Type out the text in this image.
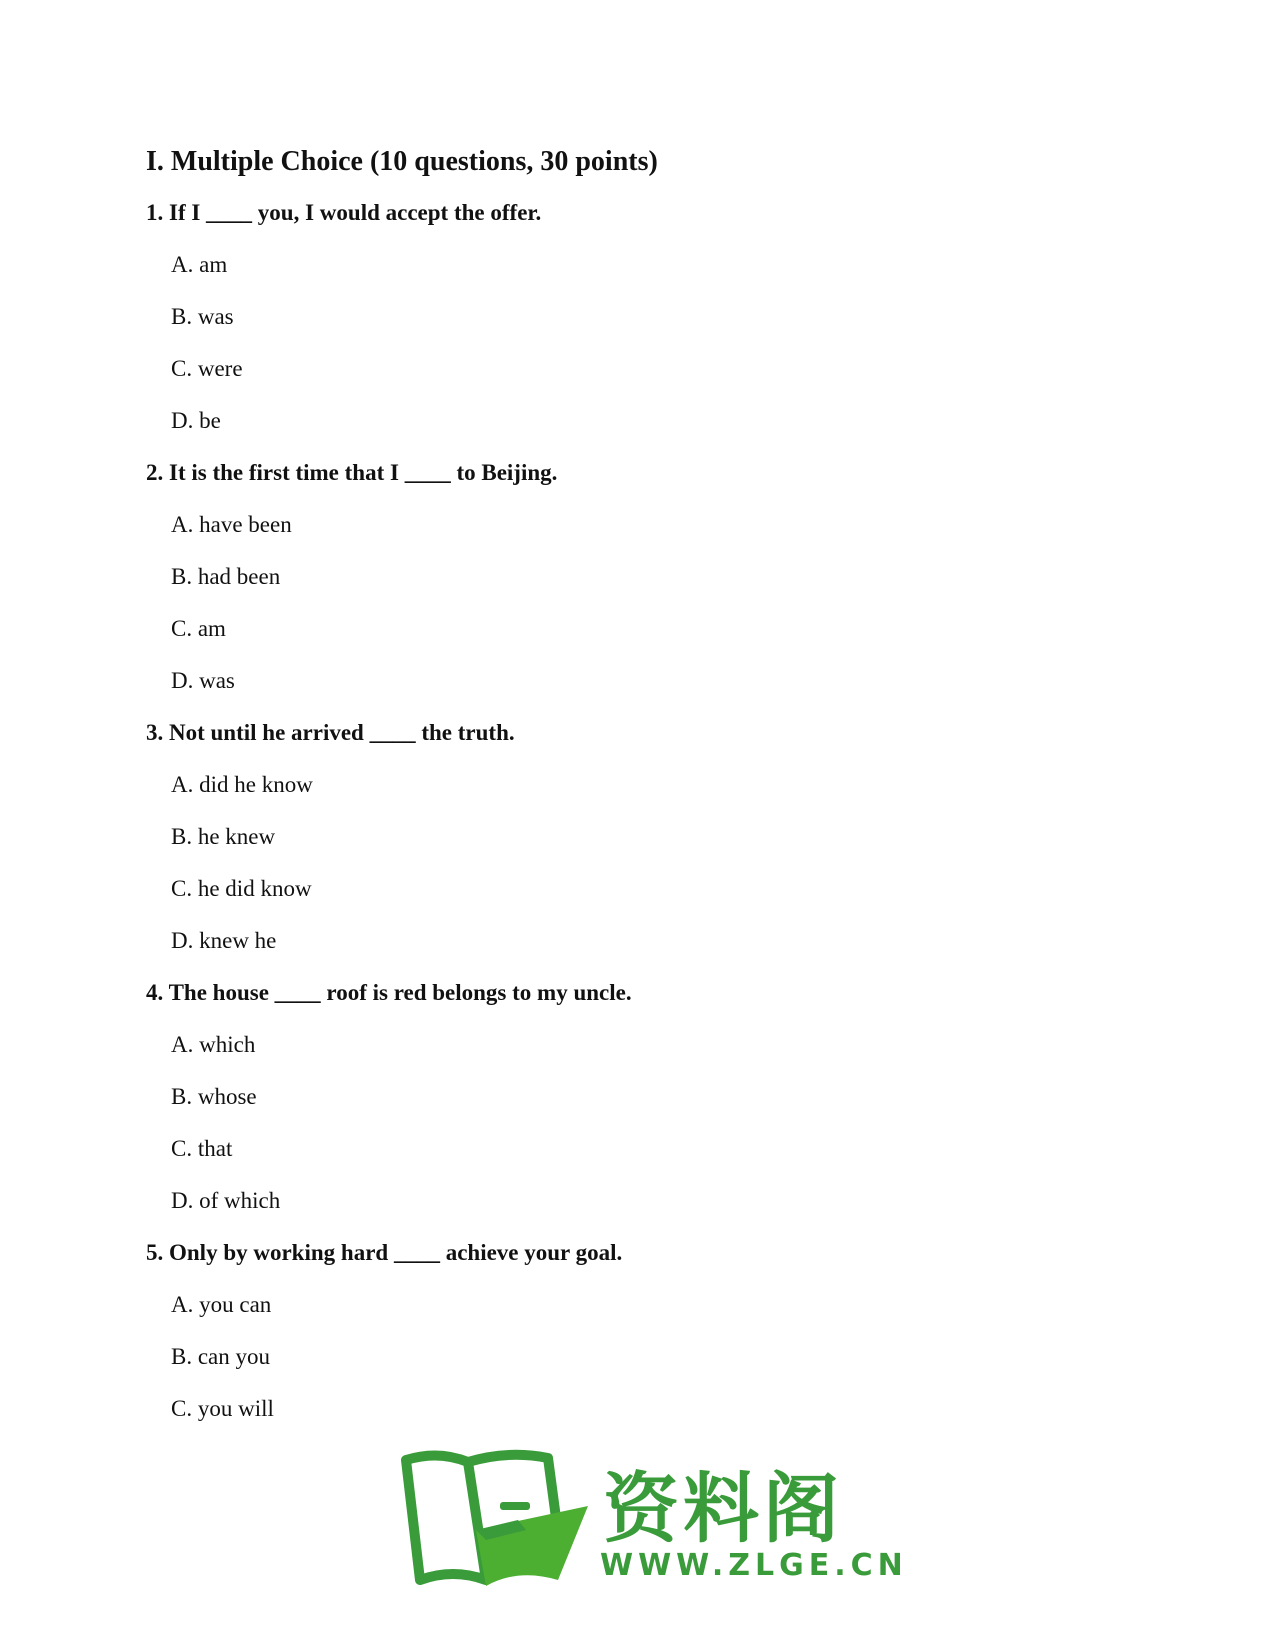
I. Multiple Choice (10 questions, 30 points)
1. If I ____ you, I would accept the offer.
A. am
B. was
C. were
D. be
2. It is the first time that I ____ to Beijing.
A. have been
B. had been
C. am
D. was
3. Not until he arrived ____ the truth.
A. did he know
B. he knew
C. he did know
D. knew he
4. The house ____ roof is red belongs to my uncle.
A. which
B. whose
C. that
D. of which
5. Only by working hard ____ achieve your goal.
A. you can
B. can you
C. you will
资料阁
WWW.ZLGE.CN
